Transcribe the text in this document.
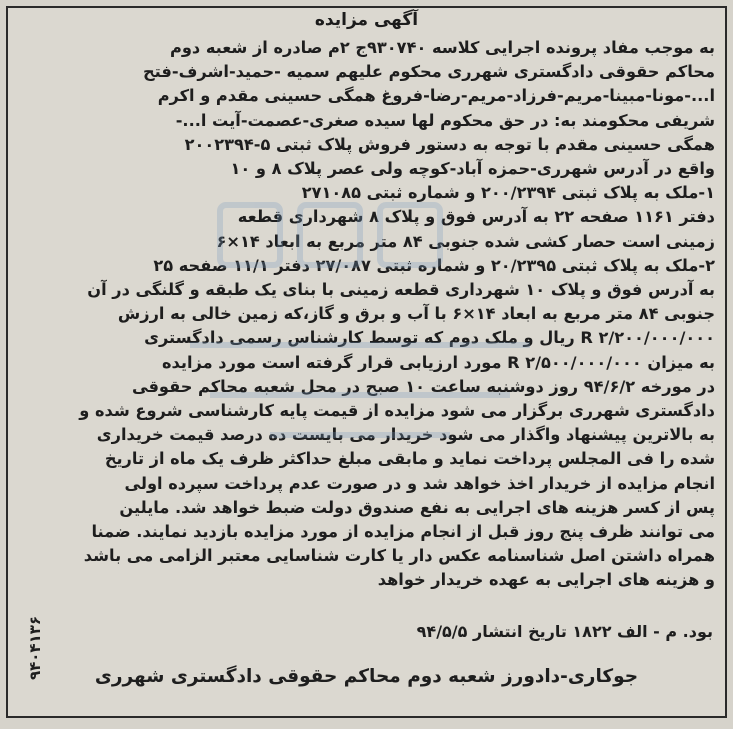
آگهی مزایده
به موجب مفاد پرونده اجرایی کلاسه ۹۳۰۷۴۰ج ۲م صادره از شعبه دوم
محاکم حقوقی دادگستری شهرری محکوم علیهم سمیه -حمید-اشرف-فتح
ا...-مونا-مبینا-مریم-فرزاد-مریم-رضا-فروغ همگی حسینی مقدم و اکرم
شریفی محکومند به: در حق محکوم لها سیده صغری-عصمت-آیت ا...-
همگی حسینی مقدم با توجه به دستور فروش پلاک ثبتی ۵-۲۰۰۲۳۹۴
واقع در آدرس شهرری-حمزه آباد-کوچه ولی عصر پلاک ۸ و ۱۰
۱-ملک به پلاک ثبتی ۲۰۰/۲۳۹۴ و شماره ثبتی ۲۷۱۰۸۵
دفتر ۱۱۶۱ صفحه ۲۲ به آدرس فوق و پلاک ۸ شهرداری قطعه
زمینی است حصار کشی شده جنوبی ۸۴ متر مربع به ابعاد ۱۴×۶
۲-ملک به پلاک ثبتی ۲۰/۲۳۹۵ و شماره ثبتی ۲۷/۰۸۷ دفتر ۱۱/۱ صفحه ۲۵
به آدرس فوق و پلاک ۱۰ شهرداری قطعه زمینی با بنای یک طبقه و گلنگی در آن
جنوبی ۸۴ متر مربع به ابعاد ۱۴×۶ با آب و برق و گاز،که زمین خالی به ارزش
R ۲/۲۰۰/۰۰۰/۰۰۰ ریال و ملک دوم که توسط کارشناس رسمی دادگستری
به میزان R ۲/۵۰۰/۰۰۰/۰۰۰ مورد ارزیابی قرار گرفته است مورد مزایده
در مورخه ۹۴/۶/۲ روز دوشنبه ساعت ۱۰ صبح در محل شعبه محاکم حقوقی
دادگستری شهرری برگزار می شود مزایده از قیمت پایه کارشناسی شروع شده و
به بالاترین پیشنهاد واگذار می شود خریدار می بایست ده درصد قیمت خریداری
شده را فی المجلس پرداخت نماید و مابقی مبلغ حداکثر ظرف یک ماه از تاریخ
انجام مزایده از خریدار اخذ خواهد شد و در صورت عدم پرداخت سپرده اولی
پس از کسر هزینه های اجرایی به نفع صندوق دولت ضبط خواهد شد. مایلین
می توانند ظرف پنج روز قبل از انجام مزایده از مورد مزایده بازدید نمایند. ضمنا
همراه داشتن اصل شناسنامه عکس دار یا کارت شناسایی معتبر الزامی می باشد
و هزینه های اجرایی به عهده خریدار خواهد
بود. م - الف ۱۸۲۲ تاریخ انتشار ۹۴/۵/۵
جوکاری-دادورز شعبه دوم محاکم حقوقی دادگستری شهرری
۹۴۰۴۱۳۶
